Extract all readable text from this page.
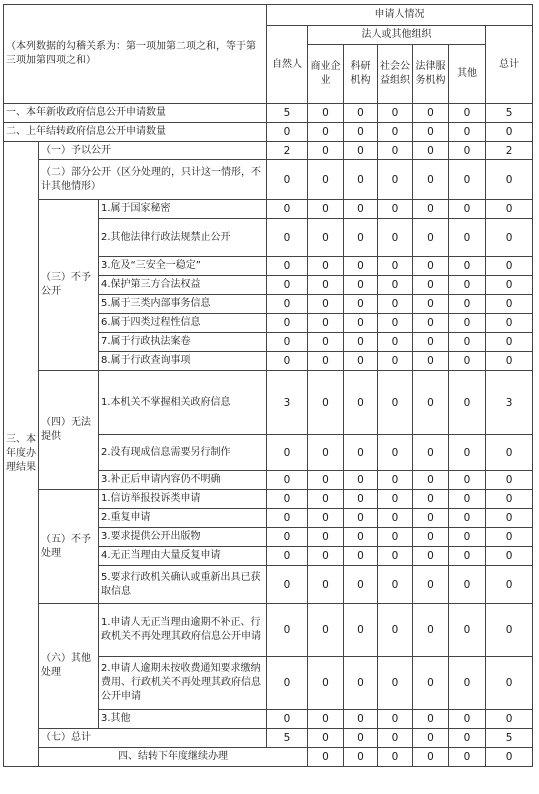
（本列数据的勾稽关系为：第一项加第二项之和，等于第三项加第四项之和）			申请人情况							
			自然人	法人或其他组织					总计	
				商业企业	科研机构	社会公益组织	法律服务机构	其他		
一、本年新收政府信息公开申请数量			5	0	0	0	0	0	5	
二、上年结转政府信息公开申请数量			0	0	0	0	0	0	0	
三、本年度办理结果	（一）予以公开		2	0	0	0	0	0	2	
	（二）部分公开（区分处理的，只计这一情形，不计其他情形）		0	0	0	0	0	0	0	
	（三）不予公开	1.属于国家秘密	0	0	0	0	0	0	0	
		2.其他法律行政法规禁止公开	0	0	0	0	0	0	0	
		3.危及“三安全一稳定”	0	0	0	0	0	0	0	
		4.保护第三方合法权益	0	0	0	0	0	0	0	
		5.属于三类内部事务信息	0	0	0	0	0	0	0	
		6.属于四类过程性信息	0	0	0	0	0	0	0	
		7.属于行政执法案卷	0	0	0	0	0	0	0	
		8.属于行政查询事项	0	0	0	0	0	0	0	
	（四）无法提供	1.本机关不掌握相关政府信息	3	0	0	0	0	0	3	
		2.没有现成信息需要另行制作	0	0	0	0	0	0	0	
		3.补正后申请内容仍不明确	0	0	0	0	0	0	0	
	（五）不予处理	1.信访举报投诉类申请	0	0	0	0	0	0	0	
		2.重复申请	0	0	0	0	0	0	0	
		3.要求提供公开出版物	0	0	0	0	0	0	0	
		4.无正当理由大量反复申请	0	0	0	0	0	0	0	
		5.要求行政机关确认或重新出具已获取信息	0	0	0	0	0	0	0	
	（六）其他处理	1.申请人无正当理由逾期不补正、行政机关不再处理其政府信息公开申请	0	0	0	0	0	0	0	
		2.申请人逾期未按收费通知要求缴纳费用、行政机关不再处理其政府信息公开申请	0	0	0	0	0	0	0	
		3.其他	0	0	0	0	0	0	0	
	（七）总计		5	0	0	0	0	0	5	
	四、结转下年度继续办理			0	0	0	0	0	0	
